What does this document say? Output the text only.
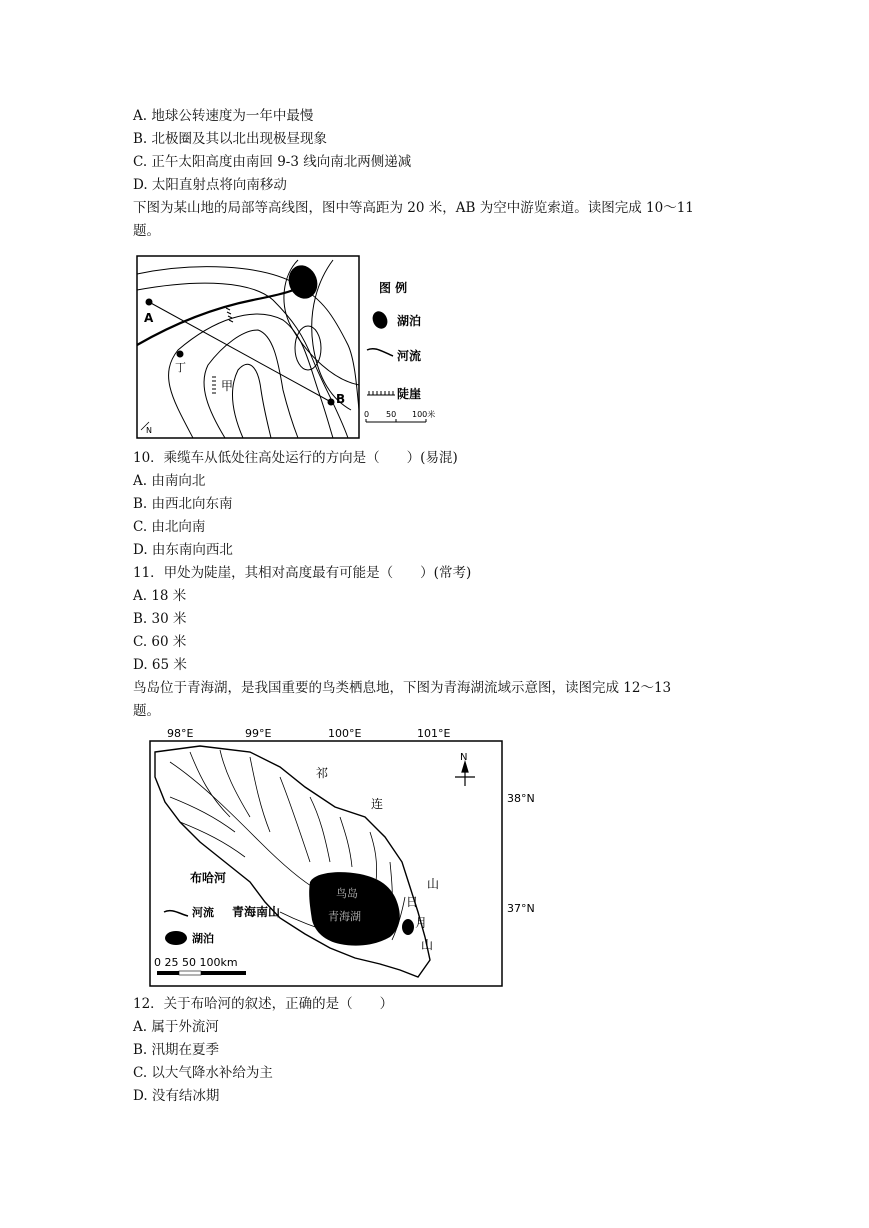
A. 地球公转速度为一年中最慢
B. 北极圈及其以北出现极昼现象
C. 正午太阳高度由南回 9-3 线向南北两侧递减
D. 太阳直射点将向南移动
下图为某山地的局部等高线图，图中等高距为 20 米，AB 为空中游览索道。读图完成 10～11
题。
A
B
丁
甲
N
图 例
湖泊
河流
陡崖
0 50 100米
10．乘缆车从低处往高处运行的方向是（　　）(易混)
A. 由南向北
B. 由西北向东南
C. 由北向南
D. 由东南向西北
11．甲处为陡崖，其相对高度最有可能是（　　）(常考)
A. 18 米
B. 30 米
C. 60 米
D. 65 米
鸟岛位于青海湖，是我国重要的鸟类栖息地，下图为青海湖流域示意图，读图完成 12～13
题。
98°E	99°E	100°E	101°E
38°N
37°N
鸟岛
青海湖
祁
连
山
日
月
山
布哈河
青海南山
N
河流
湖泊
0 25 50 100km
12．关于布哈河的叙述，正确的是（　　）
A. 属于外流河
B. 汛期在夏季
C. 以大气降水补给为主
D. 没有结冰期
